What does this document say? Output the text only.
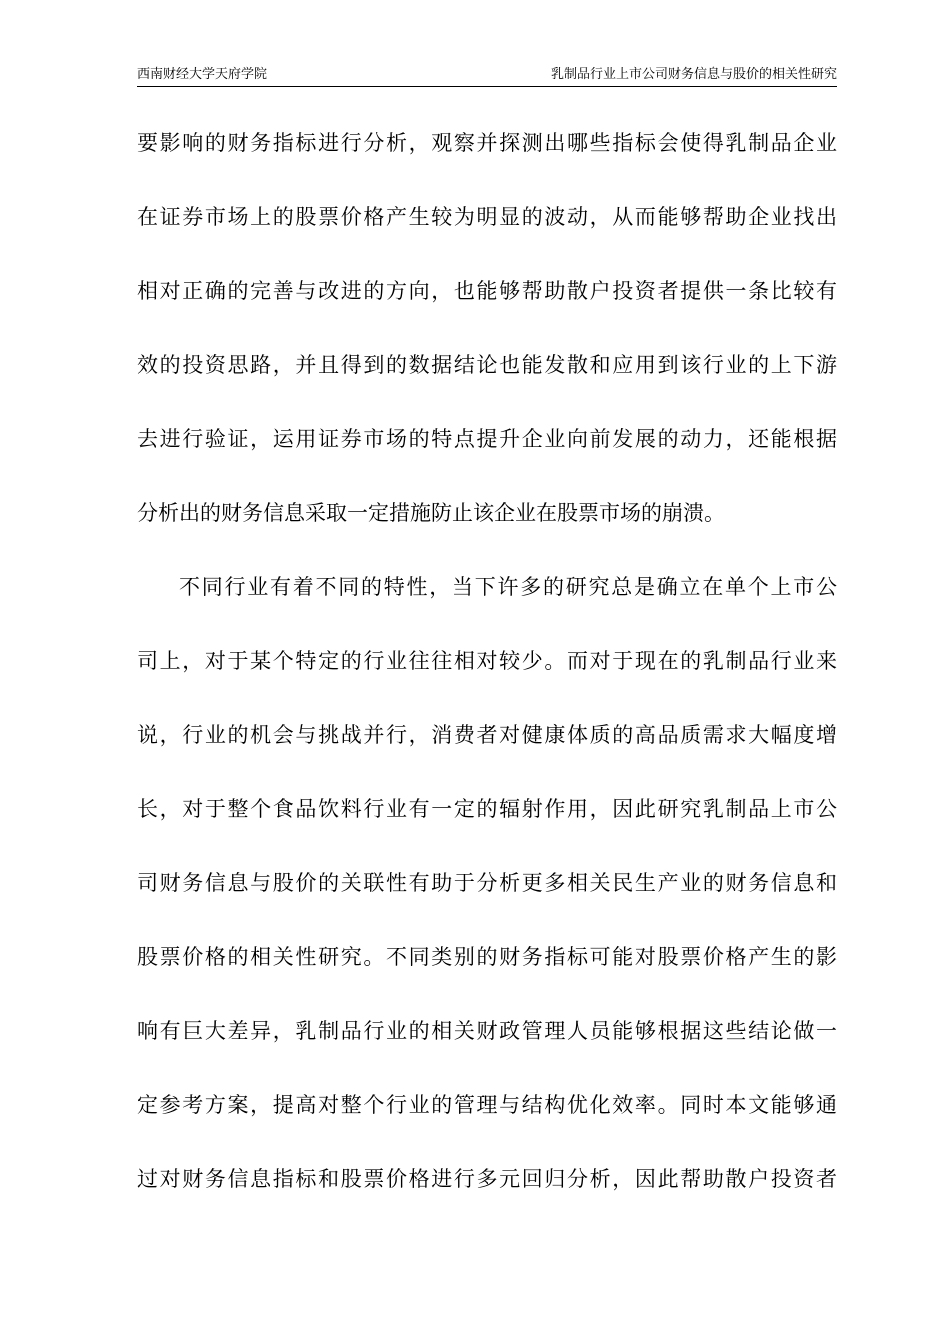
西南财经大学天府学院	乳制品行业上市公司财务信息与股价的相关性研究
要影响的财务指标进行分析，观察并探测出哪些指标会使得乳制品企业
在证券市场上的股票价格产生较为明显的波动，从而能够帮助企业找出
相对正确的完善与改进的方向，也能够帮助散户投资者提供一条比较有
效的投资思路，并且得到的数据结论也能发散和应用到该行业的上下游
去进行验证，运用证券市场的特点提升企业向前发展的动力，还能根据
分析出的财务信息采取一定措施防止该企业在股票市场的崩溃。
不同行业有着不同的特性，当下许多的研究总是确立在单个上市公
司上，对于某个特定的行业往往相对较少。而对于现在的乳制品行业来
说，行业的机会与挑战并行，消费者对健康体质的高品质需求大幅度增
长，对于整个食品饮料行业有一定的辐射作用，因此研究乳制品上市公
司财务信息与股价的关联性有助于分析更多相关民生产业的财务信息和
股票价格的相关性研究。不同类别的财务指标可能对股票价格产生的影
响有巨大差异，乳制品行业的相关财政管理人员能够根据这些结论做一
定参考方案，提高对整个行业的管理与结构优化效率。同时本文能够通
过对财务信息指标和股票价格进行多元回归分析，因此帮助散户投资者
